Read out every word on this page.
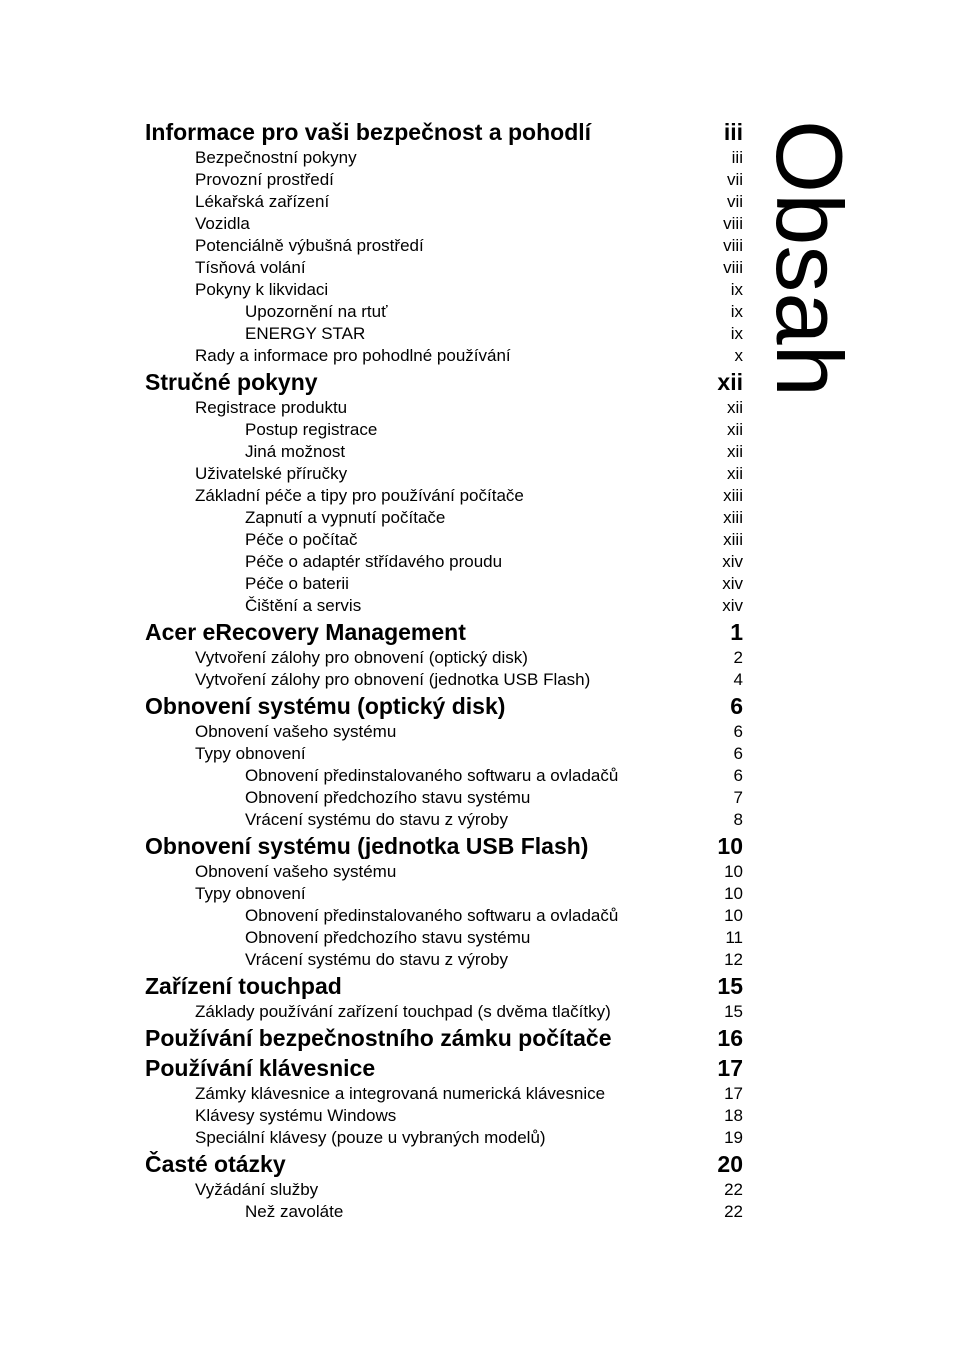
Informace pro vaši bezpečnost a pohodlí	iii
Bezpečnostní pokyny	iii
Provozní prostředí	vii
Lékařská zařízení	vii
Vozidla	viii
Potenciálně výbušná prostředí	viii
Tísňová volání	viii
Pokyny k likvidaci	ix
Upozornění na rtuť	ix
ENERGY STAR	ix
Rady a informace pro pohodlné používání	x
Stručné pokyny	xii
Registrace produktu	xii
Postup registrace	xii
Jiná možnost	xii
Uživatelské příručky	xii
Základní péče a tipy pro používání počítače	xiii
Zapnutí a vypnutí počítače	xiii
Péče o počítač	xiii
Péče o adaptér střídavého proudu	xiv
Péče o baterii	xiv
Čištění a servis	xiv
Acer eRecovery Management	1
Vytvoření zálohy pro obnovení (optický disk)	2
Vytvoření zálohy pro obnovení (jednotka USB Flash)	4
Obnovení systému (optický disk)	6
Obnovení vašeho systému	6
Typy obnovení	6
Obnovení předinstalovaného softwaru a ovladačů	6
Obnovení předchozího stavu systému	7
Vrácení systému do stavu z výroby	8
Obnovení systému (jednotka USB Flash)	10
Obnovení vašeho systému	10
Typy obnovení	10
Obnovení předinstalovaného softwaru a ovladačů	10
Obnovení předchozího stavu systému	11
Vrácení systému do stavu z výroby	12
Zařízení touchpad	15
Základy používání zařízení touchpad (s dvěma tlačítky)	15
Používání bezpečnostního zámku počítače	16
Používání klávesnice	17
Zámky klávesnice a integrovaná numerická klávesnice	17
Klávesy systému Windows	18
Speciální klávesy (pouze u vybraných modelů)	19
Časté otázky	20
Vyžádání služby	22
Než zavoláte	22
Obsah
